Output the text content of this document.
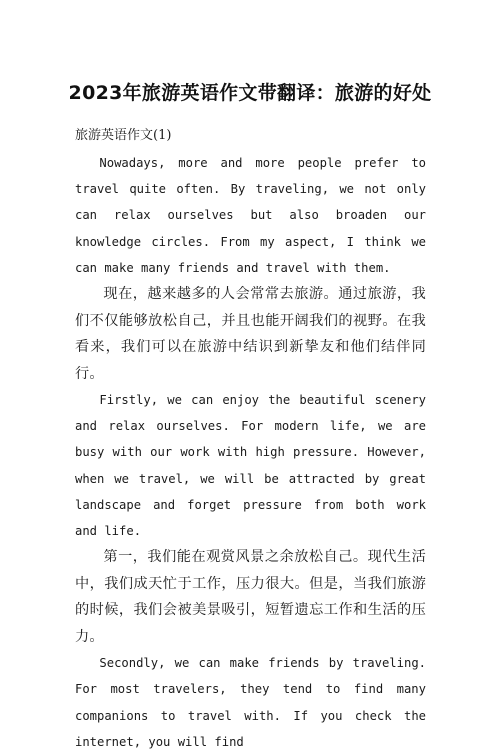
2023年旅游英语作文带翻译：旅游的好处
旅游英语作文(1)

Nowadays, more and more people prefer to travel quite often. By traveling, we not only can relax ourselves but also broaden our knowledge circles. From my aspect, I think we can make many friends and travel with them.

现在，越来越多的人会常常去旅游。通过旅游，我们不仅能够放松自己，并且也能开阔我们的视野。在我看来，我们可以在旅游中结识到新挚友和他们结伴同行。

Firstly, we can enjoy the beautiful scenery and relax ourselves. For modern life, we are busy with our work with high pressure. However, when we travel, we will be attracted by great landscape and forget pressure from both work and life.

第一，我们能在观赏风景之余放松自己。现代生活中，我们成天忙于工作，压力很大。但是，当我们旅游的时候，我们会被美景吸引，短暂遗忘工作和生活的压力。

Secondly, we can make friends by traveling. For most travelers, they tend to find many companions to travel with. If you check the internet, you will find
